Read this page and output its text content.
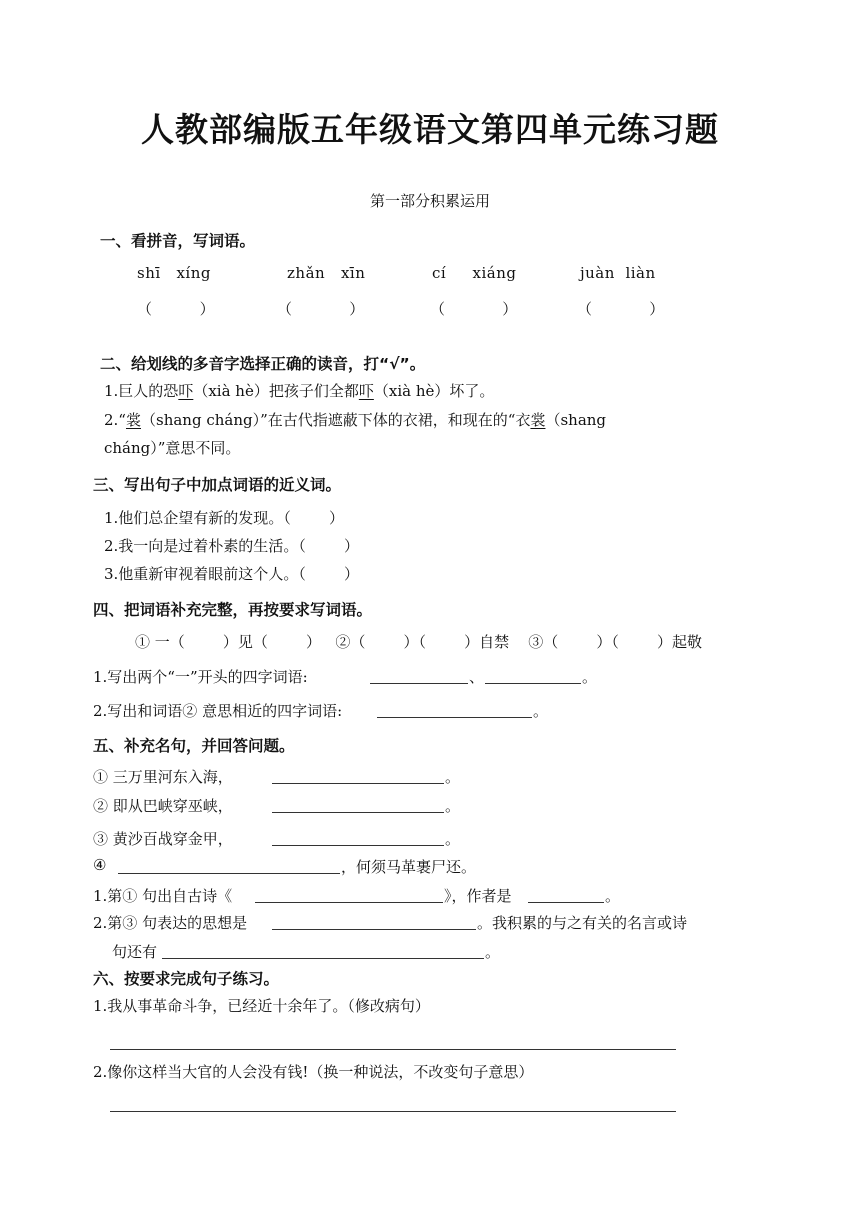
人教部编版五年级语文第四单元练习题
第一部分积累运用
一、看拼音，写词语。
shī   xíng	zhǎn   xīn	cí     xiáng	juàn  liàn
（          ）	（            ）	（            ）	（            ）
二、给划线的多音字选择正确的读音，打“√”。
1.巨人的恐吓（xià hè）把孩子们全都吓（xià hè）坏了。
2.“裳（shang cháng）”在古代指遮蔽下体的衣裙，和现在的“衣裳（shang
cháng）”意思不同。
三、写出句子中加点词语的近义词。
1.他们总企望有新的发现。（        ）
2.我一向是过着朴素的生活。（        ）
3.他重新审视着眼前这个人。（        ）
四、把词语补充完整，再按要求写词语。
① 一（        ）见（        ）   ②（        ）（        ）自禁    ③（        ）（        ）起敬
1.写出两个“一”开头的四字词语:	、	。
2.写出和词语② 意思相近的四字词语:	。
五、补充名句，并回答问题。
① 三万里河东入海，	。
② 即从巴峡穿巫峡，	。
③ 黄沙百战穿金甲，	。
④	，何须马革裹尸还。
1.第① 句出自古诗《	》，作者是	。
2.第③ 句表达的思想是	。我积累的与之有关的名言或诗
句还有	。
六、按要求完成句子练习。
1.我从事革命斗争，已经近十余年了。（修改病句）
2.像你这样当大官的人会没有钱!（换一种说法，不改变句子意思）
